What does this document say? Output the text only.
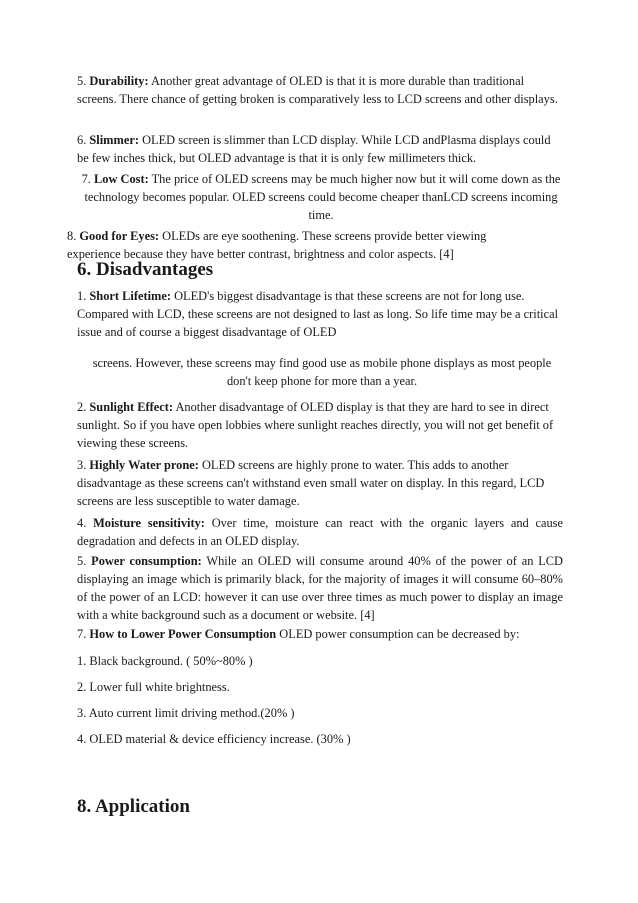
5. Durability: Another great advantage of OLED is that it is more durable than traditional screens. There chance of getting broken is comparatively less to LCD screens and other displays.

6. Slimmer: OLED screen is slimmer than LCD display. While LCD andPlasma displays could be few inches thick, but OLED advantage is that it is only few millimeters thick.

7. Low Cost: The price of OLED screens may be much higher now but it will come down as the technology becomes popular. OLED screens could become cheaper thanLCD screens incoming time.

8. Good for Eyes: OLEDs are eye soothening. These screens provide better viewing experience because they have better contrast, brightness and color aspects. [4]

6. Disadvantages

1. Short Lifetime: OLED's biggest disadvantage is that these screens are not for long use. Compared with LCD, these screens are not designed to last as long. So life time may be a critical issue and of course a biggest disadvantage of OLED

screens. However, these screens may find good use as mobile phone displays as most people don't keep phone for more than a year.

2. Sunlight Effect: Another disadvantage of OLED display is that they are hard to see in direct sunlight. So if you have open lobbies where sunlight reaches directly, you will not get benefit of viewing these screens.

3. Highly Water prone: OLED screens are highly prone to water. This adds to another disadvantage as these screens can't withstand even small water on display. In this regard, LCD screens are less susceptible to water damage.

4. Moisture sensitivity: Over time, moisture can react with the organic layers and cause degradation and defects in an OLED display.

5. Power consumption: While an OLED will consume around 40% of the power of an LCD displaying an image which is primarily black, for the majority of images it will consume 60–80% of the power of an LCD: however it can use over three times as much power to display an image with a white background such as a document or website. [4]

7. How to Lower Power Consumption OLED power consumption can be decreased by:

1. Black background. ( 50%~80% )

2. Lower full white brightness.

3. Auto current limit driving method.(20% )

4. OLED material & device efficiency increase. (30% )

8. Application
